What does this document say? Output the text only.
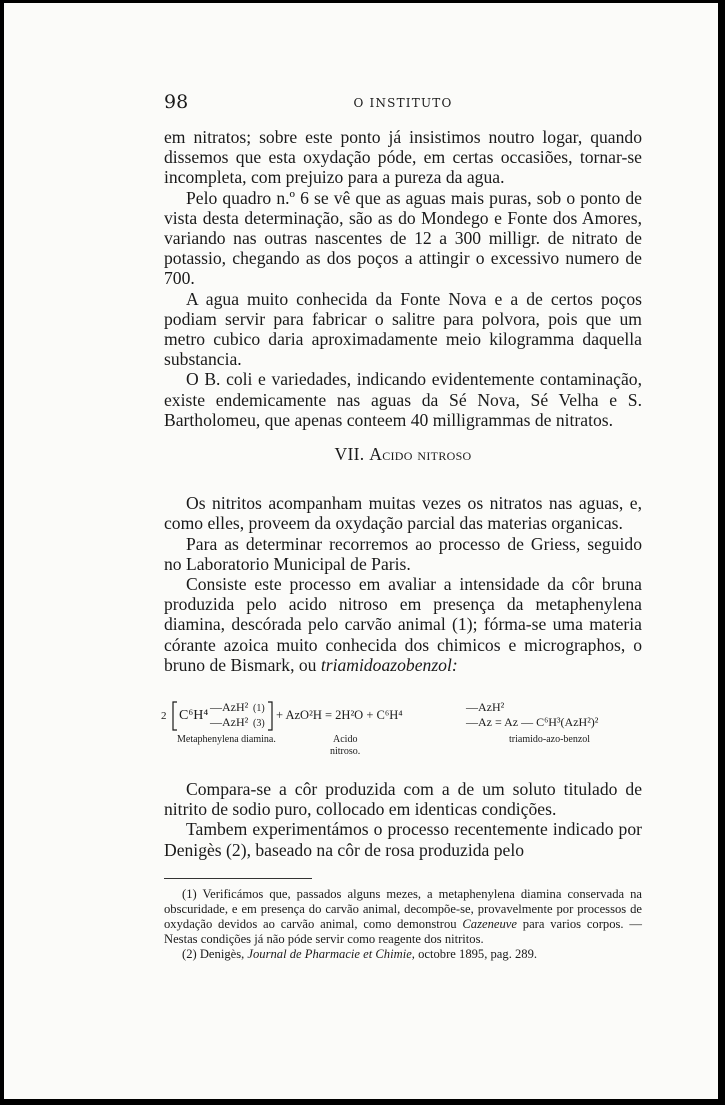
98	O INSTITUTO

em nitratos; sobre este ponto já insistimos noutro logar, quando dissemos que esta oxydação póde, em certas occasiões, tornar-se incompleta, com prejuizo para a pureza da agua.

Pelo quadro n.º 6 se vê que as aguas mais puras, sob o ponto de vista desta determinação, são as do Mondego e Fonte dos Amores, variando nas outras nascentes de 12 a 300 milligr. de nitrato de potassio, chegando as dos poços a attingir o excessivo numero de 700.

A agua muito conhecida da Fonte Nova e a de certos poços podiam servir para fabricar o salitre para polvora, pois que um metro cubico daria aproximadamente meio kilogramma daquella substancia.

O B. coli e variedades, indicando evidentemente contaminação, existe endemicamente nas aguas da Sé Nova, Sé Velha e S. Bartholomeu, que apenas conteem 40 milligrammas de nitratos.

VII. Acido nitroso

Os nitritos acompanham muitas vezes os nitratos nas aguas, e, como elles, proveem da oxydação parcial das materias organicas.

Para as determinar recorremos ao processo de Griess, seguido no Laboratorio Municipal de Paris.

Consiste este processo em avaliar a intensidade da côr bruna produzida pelo acido nitroso em presença da metaphenylena diamina, descórada pelo carvão animal (1); fórma-se uma materia córante azoica muito conhecida dos chimicos e micrographos, o bruno de Bismark, ou triamidoazobenzol:

2 C⁶H⁴
—AzH²
—AzH²
(1)
(3)
+ AzO²H = 2H²O + C⁶H⁴
—AzH²
—Az = Az — C⁶H³(AzH²)²
Metaphenylena diamina.	Acido
nitroso.
triamido-azo-benzol

Compara-se a côr produzida com a de um soluto titulado de nitrito de sodio puro, collocado em identicas condições.

Tambem experimentámos o processo recentemente indicado por Denigès (2), baseado na côr de rosa produzida pelo

(1) Verificámos que, passados alguns mezes, a metaphenylena diamina conservada na obscuridade, e em presença do carvão animal, decompõe-se, provavelmente por processos de oxydação devidos ao carvão animal, como demonstrou Cazeneuve para varios corpos. — Nestas condições já não póde servir como reagente dos nitritos.

(2) Denigès, Journal de Pharmacie et Chimie, octobre 1895, pag. 289.
